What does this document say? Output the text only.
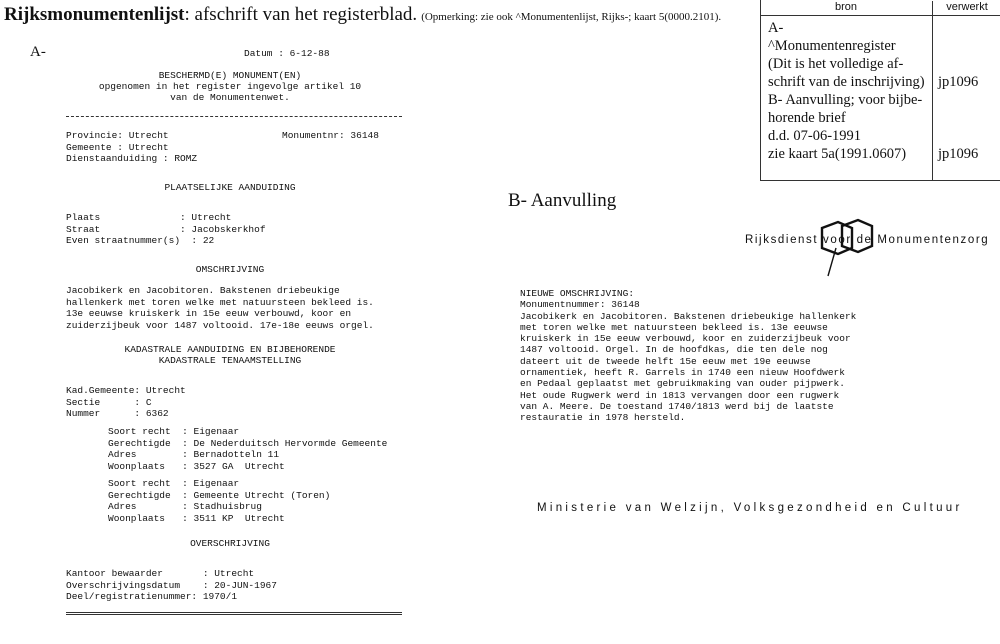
Rijksmonumentenlijst: afschrift van het registerblad. (Opmerking: zie ook ^Monumentenlijst, Rijks-; kaart 5(0000.2101).
bron	verwerkt
A-
^Monumentenregister
(Dit is het volledige af-
schrift van de inschrijving)
B- Aanvulling; voor bijbe-
horende brief
d.d. 07-06-1991
zie kaart 5a(1991.0607)
jp1096
jp1096
A-	Datum : 6-12-88
BESCHERMD(E) MONUMENT(EN)
opgenomen in het register ingevolge artikel 10
van de Monumentenwet.
Provincie: Utrecht
Gemeente : Utrecht
Dienstaanduiding : ROMZ
Monumentnr: 36148
PLAATSELIJKE AANDUIDING
Plaats              : Utrecht
Straat              : Jacobskerkhof
Even straatnummer(s)  : 22
OMSCHRIJVING
Jacobikerk en Jacobitoren. Bakstenen driebeukige
hallenkerk met toren welke met natuursteen bekleed is.
13e eeuwse kruiskerk in 15e eeuw verbouwd, koor en
zuiderzijbeuk voor 1487 voltooid. 17e-18e eeuws orgel.
KADASTRALE AANDUIDING EN BIJBEHORENDE
KADASTRALE TENAAMSTELLING
Kad.Gemeente: Utrecht
Sectie      : C
Nummer      : 6362
Soort recht  : Eigenaar
Gerechtigde  : De Nederduitsch Hervormde Gemeente
Adres        : Bernadotteln 11
Woonplaats   : 3527 GA  Utrecht
Soort recht  : Eigenaar
Gerechtigde  : Gemeente Utrecht (Toren)
Adres        : Stadhuisbrug
Woonplaats   : 3511 KP  Utrecht
OVERSCHRIJVING
Kantoor bewaarder       : Utrecht
Overschrijvingsdatum    : 20-JUN-1967
Deel/registratienummer: 1970/1
B- Aanvulling
Rijksdienst voor de Monumentenzorg
NIEUWE OMSCHRIJVING:
Monumentnummer: 36148
Jacobikerk en Jacobitoren. Bakstenen driebeukige hallenkerk
met toren welke met natuursteen bekleed is. 13e eeuwse
kruiskerk in 15e eeuw verbouwd, koor en zuiderzijbeuk voor
1487 voltooid. Orgel. In de hoofdkas, die ten dele nog
dateert uit de tweede helft 15e eeuw met 19e eeuwse
ornamentiek, heeft R. Garrels in 1740 een nieuw Hoofdwerk
en Pedaal geplaatst met gebruikmaking van ouder pijpwerk.
Het oude Rugwerk werd in 1813 vervangen door een rugwerk
van A. Meere. De toestand 1740/1813 werd bij de laatste
restauratie in 1978 hersteld.
Ministerie van Welzijn, Volksgezondheid en Cultuur
